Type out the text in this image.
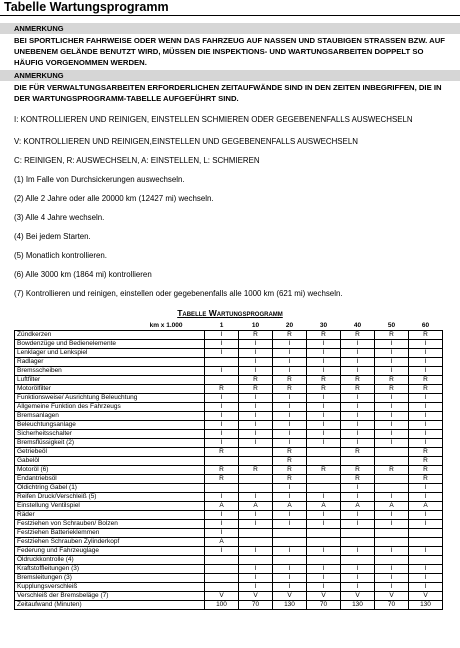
Tabelle Wartungsprogramm
ANMERKUNG
BEI SPORTLICHER FAHRWEISE ODER WENN DAS FAHRZEUG AUF NASSEN UND STAUBIGEN STRASSEN BZW. AUF UNEBENEM GELÄNDE BENUTZT WIRD, MÜSSEN DIE INSPEKTIONS- UND WARTUNGSARBEITEN DOPPELT SO HÄUFIG VORGENOMMEN WERDEN.
ANMERKUNG
DIE FÜR VERWALTUNGSARBEITEN ERFORDERLICHEN ZEITAUFWÄNDE SIND IN DEN ZEITEN INBEGRIFFEN, DIE IN DER WARTUNGSPROGRAMM-TABELLE AUFGEFÜHRT SIND.
I: KONTROLLIEREN UND REINIGEN, EINSTELLEN SCHMIEREN ODER GEGEBENENFALLS AUSWECHSELN
V: KONTROLLIEREN UND REINIGEN,EINSTELLEN UND GEGEBENENFALLS AUSWECHSELN
C: REINIGEN, R: AUSWECHSELN, A: EINSTELLEN, L: SCHMIEREN
(1) Im Falle von Durchsickerungen auswechseln.
(2) Alle 2 Jahre oder alle 20000 km (12427 mi) wechseln.
(3) Alle 4 Jahre wechseln.
(4) Bei jedem Starten.
(5) Monatlich kontrollieren.
(6) Alle 3000 km (1864 mi) kontrollieren
(7) Kontrollieren und reinigen, einstellen oder gegebenenfalls alle 1000 km (621 mi) wechseln.
Tabelle Wartungsprogramm
km x 1.000	1	10	20	30	40	50	60
Zündkerzen	I	R	R	R	R	R	R
Bowdenzüge und Bedienelemente	I	I	I	I	I	I	I
Lenklager und Lenkspiel	I	I	I	I	I	I	I
Radlager		I	I	I	I	I	I
Bremsscheiben	I	I	I	I	I	I	I
Luftfilter		R	R	R	R	R	R
Motorölfilter	R	R	R	R	R	R	R
Funktionsweise/ Ausrichtung Beleuchtung	I	I	I	I	I	I	I
Allgemeine Funktion des Fahrzeugs	I	I	I	I	I	I	I
Bremsanlagen	I	I	I	I	I	I	I
Beleuchtungsanlage	I	I	I	I	I	I	I
Sicherheitsschalter	I	I	I	I	I	I	I
Bremsflüssigkeit (2)	I	I	I	I	I	I	I
Getriebeöl	R		R		R		R
Gabelöl			R				R
Motoröl (6)	R	R	R	R	R	R	R
Endantriebsöl	R		R		R		R
Öldichtring Gabel (1)			I		I		I
Reifen Druck/Verschleiß (5)	I	I	I	I	I	I	I
Einstellung Ventilspiel	A	A	A	A	A	A	A
Räder	I	I	I	I	I	I	I
Festziehen von Schrauben/ Bolzen	I	I	I	I	I	I	I
Festziehen Batterieklemmen	I						
Festziehen Schrauben Zylinderkopf	A						
Federung und Fahrzeuglage	I	I	I	I	I	I	I
Öldruckkontrolle (4)							
Kraftstoffleitungen (3)		I	I	I	I	I	I
Bremsleitungen (3)		I	I	I	I	I	I
Kupplungsverschleiß		I	I	I	I	I	I
Verschleiß der Bremsbeläge (7)	V	V	V	V	V	V	V
Zeitaufwand (Minuten)	100	70	130	70	130	70	130
